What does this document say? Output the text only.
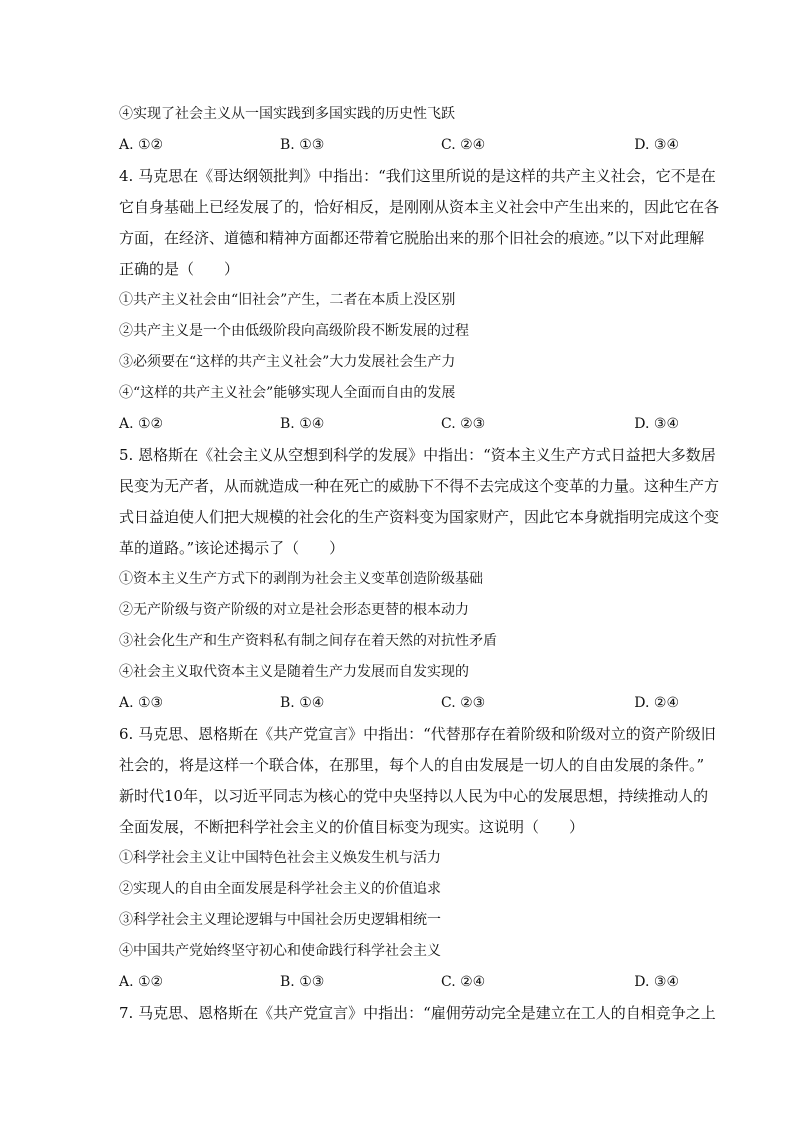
④实现了社会主义从一国实践到多国实践的历史性飞跃
A. ①②	B. ①③	C. ②④	D. ③④
4. 马克思在《哥达纲领批判》中指出：“我们这里所说的是这样的共产主义社会，它不是在
它自身基础上已经发展了的，恰好相反，是刚刚从资本主义社会中产生出来的，因此它在各
方面，在经济、道德和精神方面都还带着它脱胎出来的那个旧社会的痕迹。”以下对此理解
正确的是（　　）
①共产主义社会由“旧社会”产生，二者在本质上没区别
②共产主义是一个由低级阶段向高级阶段不断发展的过程
③必须要在“这样的共产主义社会”大力发展社会生产力
④“这样的共产主义社会”能够实现人全面而自由的发展
A. ①②	B. ①④	C. ②③	D. ③④
5. 恩格斯在《社会主义从空想到科学的发展》中指出：“资本主义生产方式日益把大多数居
民变为无产者，从而就造成一种在死亡的威胁下不得不去完成这个变革的力量。这种生产方
式日益迫使人们把大规模的社会化的生产资料变为国家财产，因此它本身就指明完成这个变
革的道路。”该论述揭示了（　　）
①资本主义生产方式下的剥削为社会主义变革创造阶级基础
②无产阶级与资产阶级的对立是社会形态更替的根本动力
③社会化生产和生产资料私有制之间存在着天然的对抗性矛盾
④社会主义取代资本主义是随着生产力发展而自发实现的
A. ①③	B. ①④	C. ②③	D. ②④
6. 马克思、恩格斯在《共产党宣言》中指出：“代替那存在着阶级和阶级对立的资产阶级旧
社会的，将是这样一个联合体，在那里，每个人的自由发展是一切人的自由发展的条件。”
新时代10年，以习近平同志为核心的党中央坚持以人民为中心的发展思想，持续推动人的
全面发展，不断把科学社会主义的价值目标变为现实。这说明（　　）
①科学社会主义让中国特色社会主义焕发生机与活力
②实现人的自由全面发展是科学社会主义的价值追求
③科学社会主义理论逻辑与中国社会历史逻辑相统一
④中国共产党始终坚守初心和使命践行科学社会主义
A. ①②	B. ①③	C. ②④	D. ③④
7. 马克思、恩格斯在《共产党宣言》中指出：“雇佣劳动完全是建立在工人的自相竞争之上
